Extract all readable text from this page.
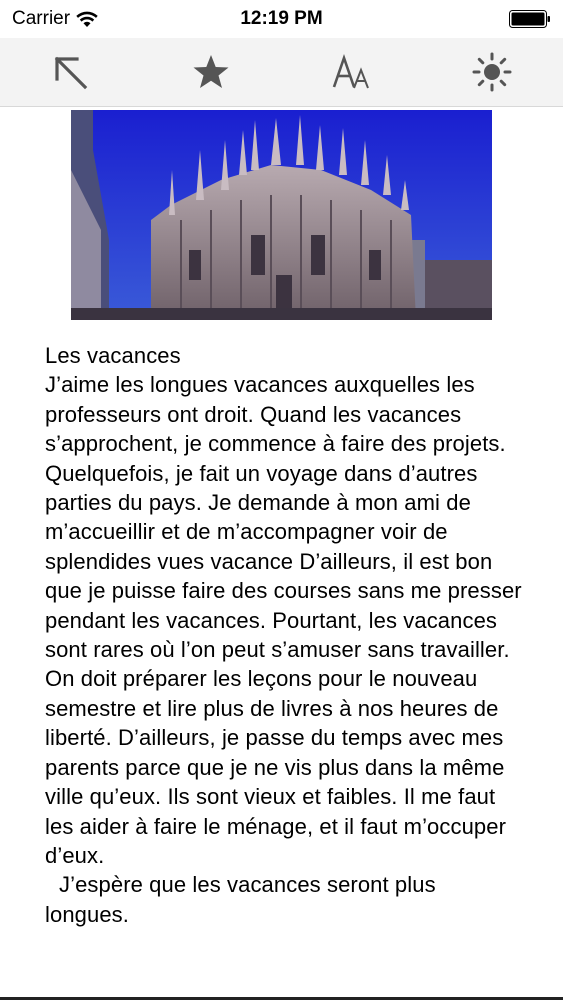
Carrier	12:19 PM
Les vacances
J’aime les longues vacances auxquelles les professeurs ont droit. Quand les vacances s’approchent, je commence à faire des projets. Quelquefois, je fait un voyage dans d’autres parties du pays. Je demande à mon ami de m’accueillir et de m’accompagner voir de splendides vues vacance D’ailleurs, il est bon que je puisse faire des courses sans me presser pendant les vacances. Pourtant, les vacances sont rares où l’on peut s’amuser sans travailler. On doit préparer les leçons pour le nouveau semestre et lire plus de livres à nos heures de liberté. D’ailleurs, je passe du temps avec mes parents parce que je ne vis plus dans la même ville qu’eux. Ils sont vieux et faibles. Il me faut les aider à faire le ménage, et il faut m’occuper d’eux.
J’espère que les vacances seront plus longues.
